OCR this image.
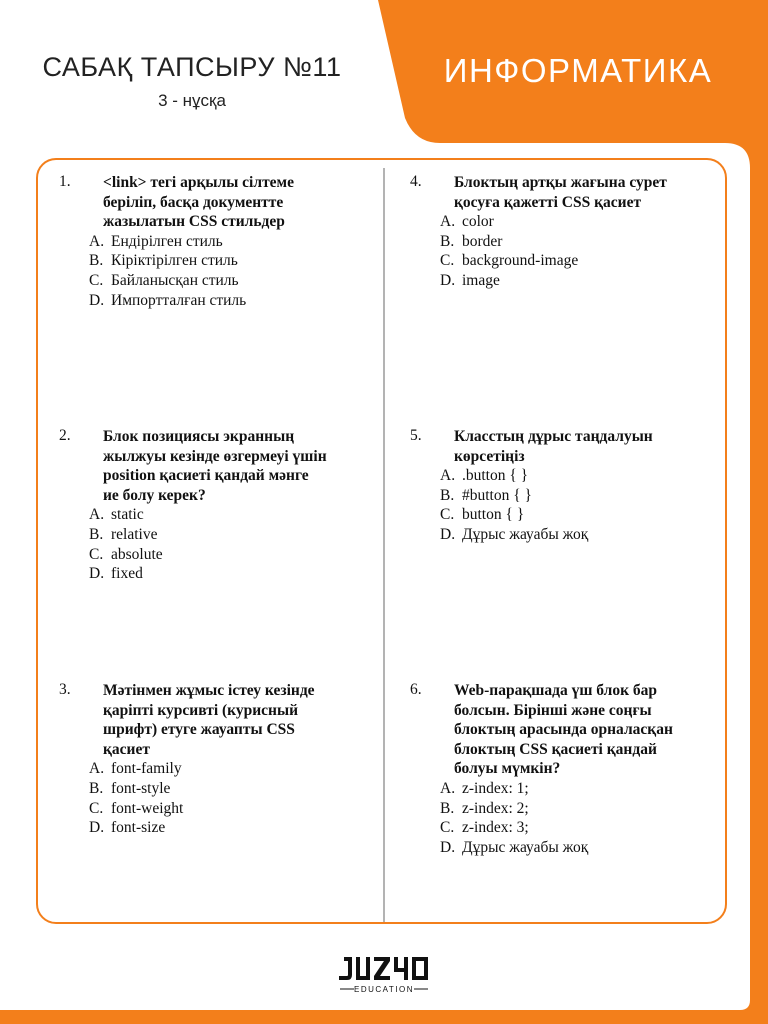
САБАҚ ТАПСЫРУ №11
3 - нұсқа
ИНФОРМАТИКА
1. <link> тегі арқылы сілтеме беріліп, басқа документте жазылатын CSS стильдер
A. Ендірілген стиль
B. Кіріктірілген стиль
C. Байланысқан стиль
D. Импортталған стиль
2. Блок позициясы экранның жылжуы кезінде өзгермеуі үшін position қасиеті қандай мәнге ие болу керек?
A. static
B. relative
C. absolute
D. fixed
3. Мәтінмен жұмыс істеу кезінде қаріпті курсивті (курисный шрифт) етуге жауапты CSS қасиет
A. font-family
B. font-style
C. font-weight
D. font-size
4. Блоктың артқы жағына сурет қосуға қажетті CSS қасиет
A. color
B. border
C. background-image
D. image
5. Класстың дұрыс таңдалуын көрсетіңіз
A. .button { }
B. #button { }
C. button { }
D. Дұрыс жауабы жоқ
6. Web-парақшада үш блок бар болсын. Бірінші және соңғы блоктың арасында орналасқан блоктың CSS қасиеті қандай болуы мүмкін?
A. z-index: 1;
B. z-index: 2;
C. z-index: 3;
D. Дұрыс жауабы жоқ
EDUCATION
